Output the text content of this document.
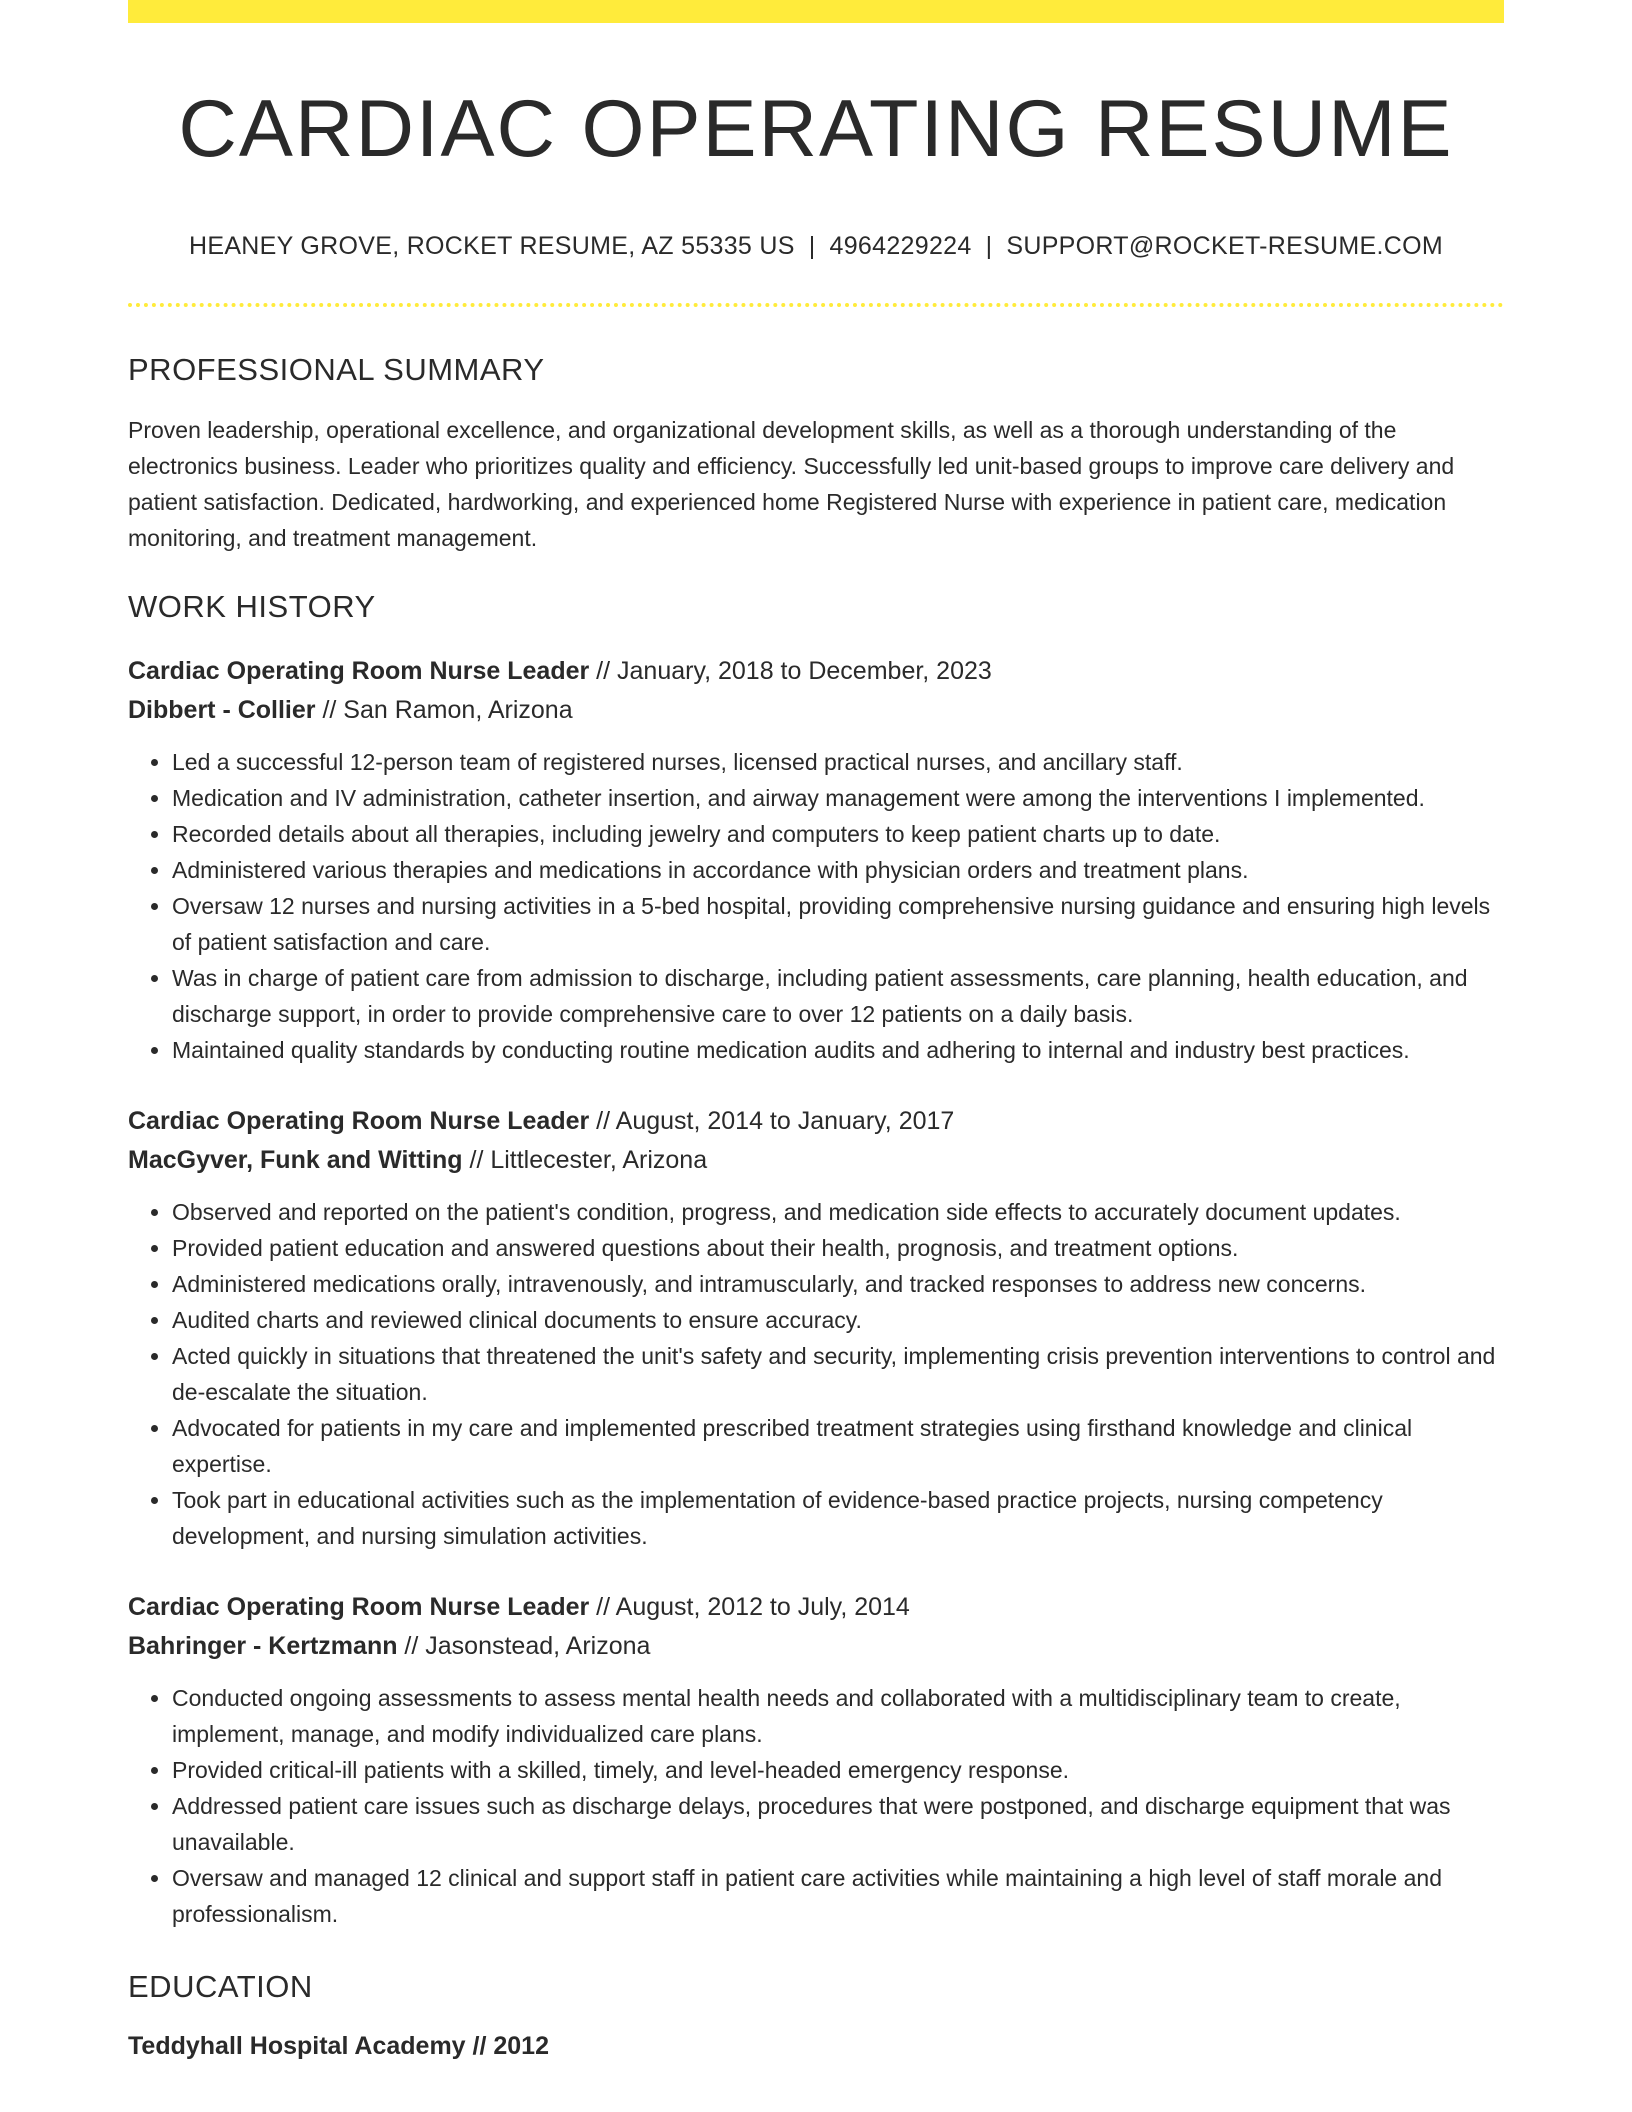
CARDIAC OPERATING RESUME
HEANEY GROVE, ROCKET RESUME, AZ 55335 US | 4964229224 | SUPPORT@ROCKET-RESUME.COM
PROFESSIONAL SUMMARY

Proven leadership, operational excellence, and organizational development skills, as well as a thorough understanding of the electronics business. Leader who prioritizes quality and efficiency. Successfully led unit-based groups to improve care delivery and patient satisfaction. Dedicated, hardworking, and experienced home Registered Nurse with experience in patient care, medication monitoring, and treatment management.

WORK HISTORY
Cardiac Operating Room Nurse Leader // January, 2018 to December, 2023
Dibbert - Collier // San Ramon, Arizona
• Led a successful 12-person team of registered nurses, licensed practical nurses, and ancillary staff.
• Medication and IV administration, catheter insertion, and airway management were among the interventions I implemented.
• Recorded details about all therapies, including jewelry and computers to keep patient charts up to date.
• Administered various therapies and medications in accordance with physician orders and treatment plans.
• Oversaw 12 nurses and nursing activities in a 5-bed hospital, providing comprehensive nursing guidance and ensuring high levels of patient satisfaction and care.
• Was in charge of patient care from admission to discharge, including patient assessments, care planning, health education, and discharge support, in order to provide comprehensive care to over 12 patients on a daily basis.
• Maintained quality standards by conducting routine medication audits and adhering to internal and industry best practices.
Cardiac Operating Room Nurse Leader // August, 2014 to January, 2017
MacGyver, Funk and Witting // Littlecester, Arizona
• Observed and reported on the patient's condition, progress, and medication side effects to accurately document updates.
• Provided patient education and answered questions about their health, prognosis, and treatment options.
• Administered medications orally, intravenously, and intramuscularly, and tracked responses to address new concerns.
• Audited charts and reviewed clinical documents to ensure accuracy.
• Acted quickly in situations that threatened the unit's safety and security, implementing crisis prevention interventions to control and de-escalate the situation.
• Advocated for patients in my care and implemented prescribed treatment strategies using firsthand knowledge and clinical expertise.
• Took part in educational activities such as the implementation of evidence-based practice projects, nursing competency development, and nursing simulation activities.
Cardiac Operating Room Nurse Leader // August, 2012 to July, 2014
Bahringer - Kertzmann // Jasonstead, Arizona
• Conducted ongoing assessments to assess mental health needs and collaborated with a multidisciplinary team to create, implement, manage, and modify individualized care plans.
• Provided critical-ill patients with a skilled, timely, and level-headed emergency response.
• Addressed patient care issues such as discharge delays, procedures that were postponed, and discharge equipment that was unavailable.
• Oversaw and managed 12 clinical and support staff in patient care activities while maintaining a high level of staff morale and professionalism.
EDUCATION
Teddyhall Hospital Academy // 2012
